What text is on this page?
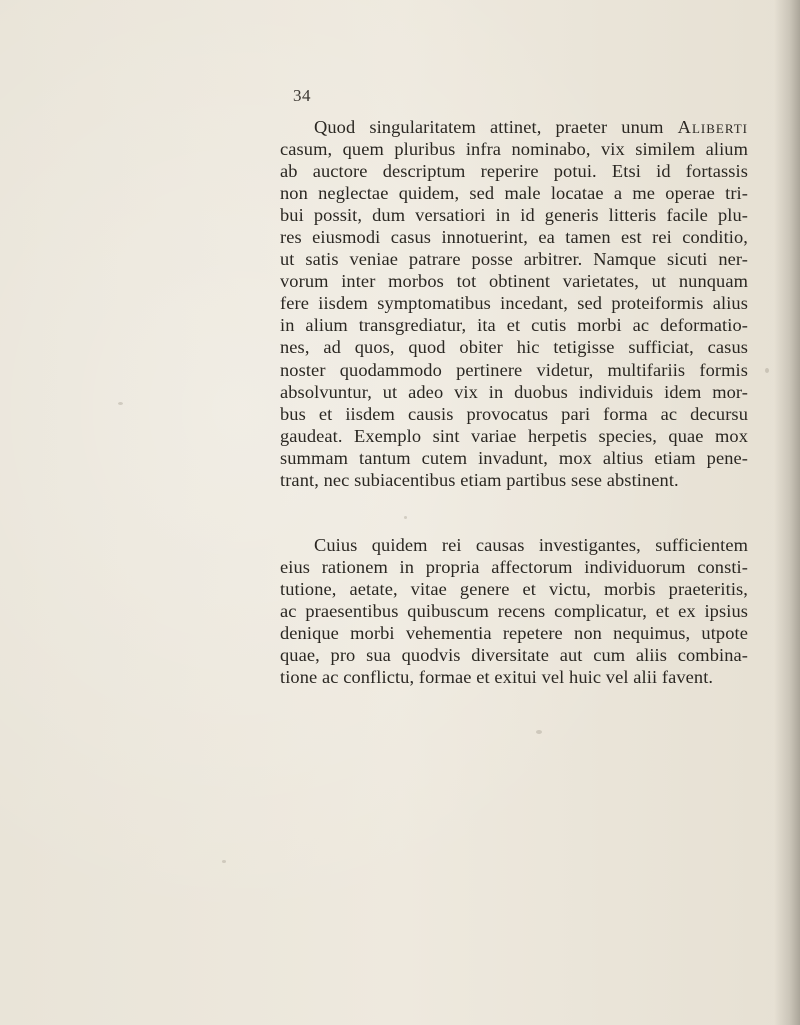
34
Quod singularitatem attinet, praeter unum Aliberti
casum, quem pluribus infra nominabo, vix similem alium
ab auctore descriptum reperire potui. Etsi id fortassis
non neglectae quidem, sed male locatae a me operae tri-
bui possit, dum versatiori in id generis litteris facile plu-
res eiusmodi casus innotuerint, ea tamen est rei conditio,
ut satis veniae patrare posse arbitrer. Namque sicuti ner-
vorum inter morbos tot obtinent varietates, ut nunquam
fere iisdem symptomatibus incedant, sed proteiformis alius
in alium transgrediatur, ita et cutis morbi ac deformatio-
nes, ad quos, quod obiter hic tetigisse sufficiat, casus
noster quodammodo pertinere videtur, multifariis formis
absolvuntur, ut adeo vix in duobus individuis idem mor-
bus et iisdem causis provocatus pari forma ac decursu
gaudeat. Exemplo sint variae herpetis species, quae mox
summam tantum cutem invadunt, mox altius etiam pene-
trant, nec subiacentibus etiam partibus sese abstinent.
Cuius quidem rei causas investigantes, sufficientem
eius rationem in propria affectorum individuorum consti-
tutione, aetate, vitae genere et victu, morbis praeteritis,
ac praesentibus quibuscum recens complicatur, et ex ipsius
denique morbi vehementia repetere non nequimus, utpote
quae, pro sua quodvis diversitate aut cum aliis combina-
tione ac conflictu, formae et exitui vel huic vel alii favent.
